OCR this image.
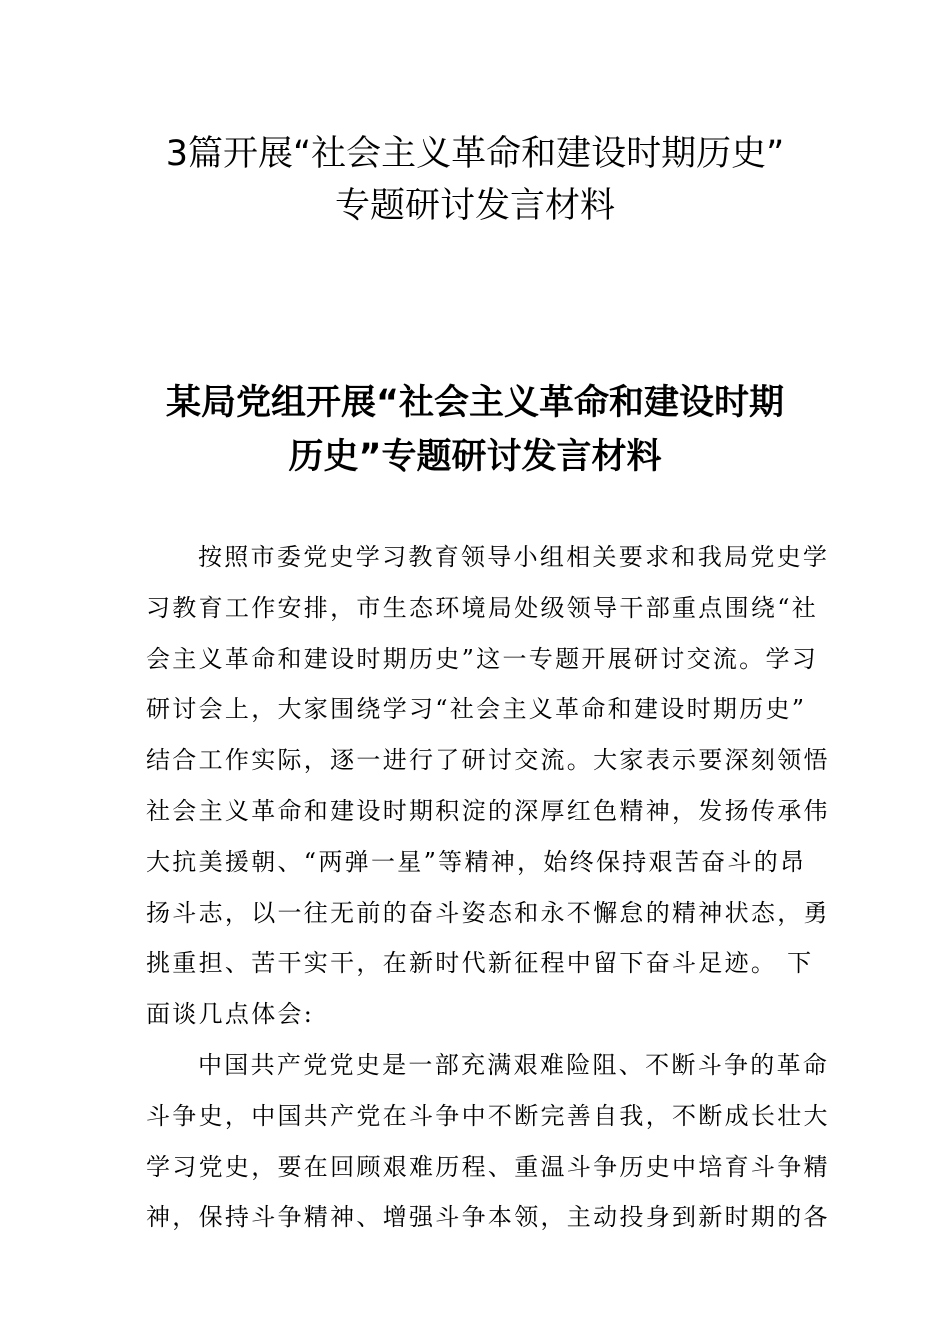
3篇开展“社会主义革命和建设时期历史”
专题研讨发言材料
某局党组开展“社会主义革命和建设时期
历史”专题研讨发言材料
按照市委党史学习教育领导小组相关要求和我局党史学
习教育工作安排，市生态环境局处级领导干部重点围绕“社
会主义革命和建设时期历史”这一专题开展研讨交流。学习
研讨会上，大家围绕学习“社会主义革命和建设时期历史”
结合工作实际，逐一进行了研讨交流。大家表示要深刻领悟
社会主义革命和建设时期积淀的深厚红色精神，发扬传承伟
大抗美援朝、“两弹一星”等精神，始终保持艰苦奋斗的昂
扬斗志，以一往无前的奋斗姿态和永不懈怠的精神状态，勇
挑重担、苦干实干，在新时代新征程中留下奋斗足迹。 下
面谈几点体会:
中国共产党党史是一部充满艰难险阻、不断斗争的革命
斗争史，中国共产党在斗争中不断完善自我，不断成长壮大
学习党史，要在回顾艰难历程、重温斗争历史中培育斗争精
神，保持斗争精神、增强斗争本领，主动投身到新时期的各
